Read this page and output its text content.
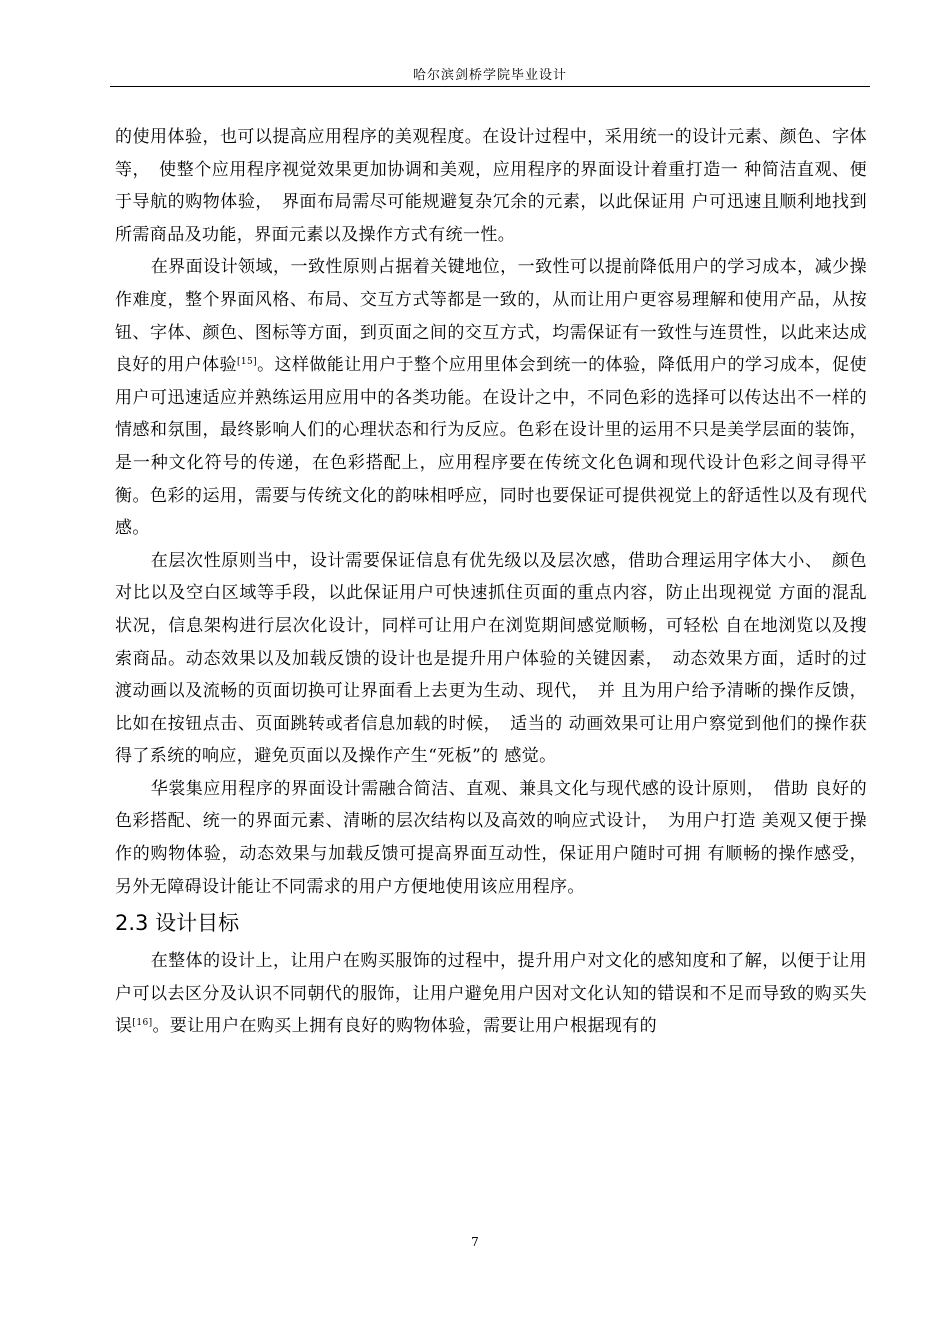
哈尔滨剑桥学院毕业设计

的使用体验，也可以提高应用程序的美观程度。在设计过程中，采用统一的设计元素、颜色、字体等，　使整个应用程序视觉效果更加协调和美观，应用程序的界面设计着重打造一 种简洁直观、便于导航的购物体验，　界面布局需尽可能规避复杂冗余的元素，以此保证用 户可迅速且顺利地找到所需商品及功能，界面元素以及操作方式有统一性。

在界面设计领域，一致性原则占据着关键地位，一致性可以提前降低用户的学习成本，减少操作难度，整个界面风格、布局、交互方式等都是一致的，从而让用户更容易理解和使用产品，从按钮、字体、颜色、图标等方面，到页面之间的交互方式，均需保证有一致性与连贯性，以此来达成良好的用户体验[15]。这样做能让用户于整个应用里体会到统一的体验，降低用户的学习成本，促使用户可迅速适应并熟练运用应用中的各类功能。在设计之中，不同色彩的选择可以传达出不一样的情感和氛围，最终影响人们的心理状态和行为反应。色彩在设计里的运用不只是美学层面的装饰，是一种文化符号的传递，在色彩搭配上，应用程序要在传统文化色调和现代设计色彩之间寻得平衡。色彩的运用，需要与传统文化的韵味相呼应，同时也要保证可提供视觉上的舒适性以及有现代感。

在层次性原则当中，设计需要保证信息有优先级以及层次感，借助合理运用字体大小、　颜色对比以及空白区域等手段，以此保证用户可快速抓住页面的重点内容，防止出现视觉 方面的混乱状况，信息架构进行层次化设计，同样可让用户在浏览期间感觉顺畅，可轻松 自在地浏览以及搜索商品。动态效果以及加载反馈的设计也是提升用户体验的关键因素，　动态效果方面，适时的过渡动画以及流畅的页面切换可让界面看上去更为生动、现代，　并 且为用户给予清晰的操作反馈，比如在按钮点击、页面跳转或者信息加载的时候，　适当的 动画效果可让用户察觉到他们的操作获得了系统的响应，避免页面以及操作产生“死板”的 感觉。

华裳集应用程序的界面设计需融合简洁、直观、兼具文化与现代感的设计原则，　借助 良好的色彩搭配、统一的界面元素、清晰的层次结构以及高效的响应式设计，　为用户打造 美观又便于操作的购物体验，动态效果与加载反馈可提高界面互动性，保证用户随时可拥 有顺畅的操作感受，另外无障碍设计能让不同需求的用户方便地使用该应用程序。

2.3 设计目标

在整体的设计上，让用户在购买服饰的过程中，提升用户对文化的感知度和了解，以便于让用户可以去区分及认识不同朝代的服饰，让用户避免用户因对文化认知的错误和不足而导致的购买失误[16]。要让用户在购买上拥有良好的购物体验，需要让用户根据现有的

7
